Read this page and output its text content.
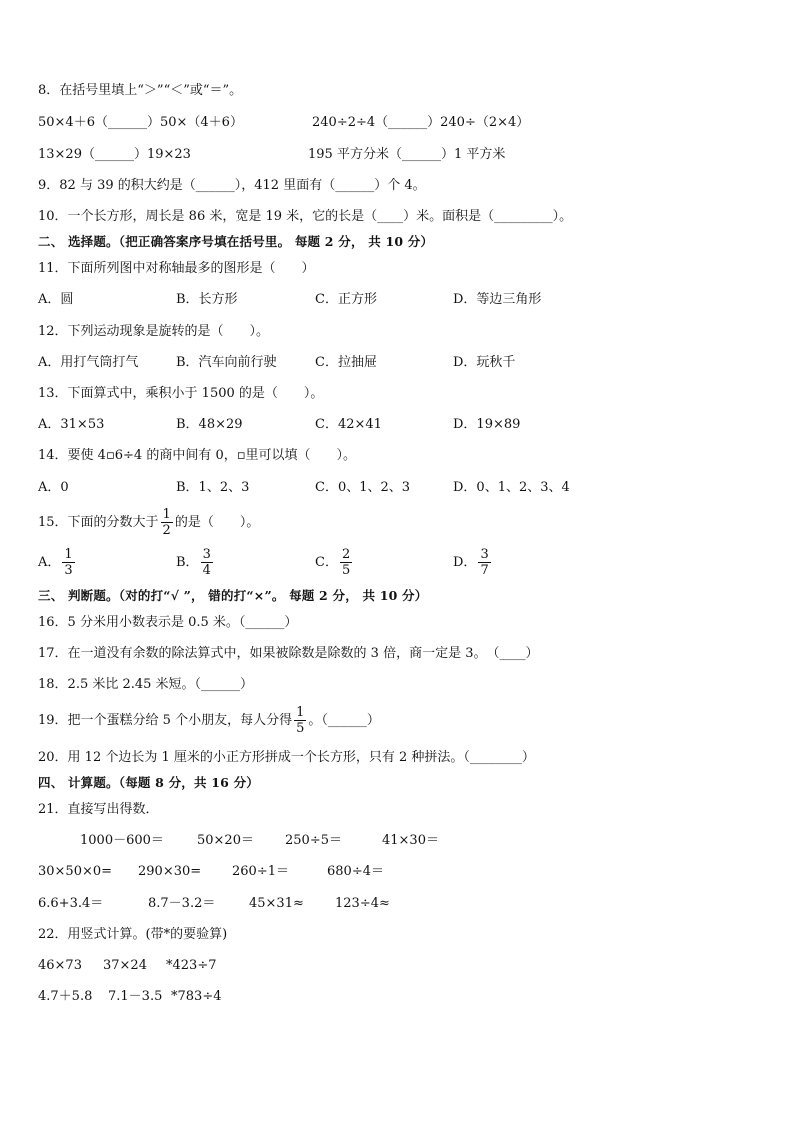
8．在括号里填上“＞”“＜”或“＝”。
50×4＋6（______）50×（4＋6）	240÷2÷4（______）240÷（2×4）
13×29（______）19×23	195 平方分米（______）1 平方米
9．82 与 39 的积大约是（______），412 里面有（______）个 4。
10．一个长方形，周长是 86 米，宽是 19 米，它的长是（____）米。面积是（_________）。
二、 选择题。（把正确答案序号填在括号里。 每题 2 分， 共 10 分）
11．下面所列图中对称轴最多的图形是（　　）
A．圆	B．长方形	C．正方形	D．等边三角形
12．下列运动现象是旋转的是（　　）。
A．用打气筒打气	B．汽车向前行驶	C．拉抽屉	D．玩秋千
13．下面算式中，乘积小于 1500 的是（　　）。
A．31×53	B．48×29	C．42×41	D．19×89
14．要使 4▫6÷4 的商中间有 0，▫里可以填（　　）。
A．0	B．1、2、3	C．0、1、2、3	D．0、1、2、3、4
15．下面的分数大于 $\frac{1}{2}$ 的是（　　）。
A． $\frac{1}{3}$	B． $\frac{3}{4}$	C． $\frac{2}{5}$	D． $\frac{3}{7}$
三、 判断题。（对的打“√ ”， 错的打“×”。 每题 2 分， 共 10 分）
16．5 分米用小数表示是 0.5 米。（______）
17．在一道没有余数的除法算式中，如果被除数是除数的 3 倍，商一定是 3。　（____）
18．2.5 米比 2.45 米短。（______）
19．把一个蛋糕分给 5 个小朋友，每人分得 $\frac{1}{5}$ 。（______）
20．用 12 个边长为 1 厘米的小正方形拼成一个长方形，只有 2 种拼法。（________）
四、 计算题。（每题 8 分，共 16 分）
21．直接写出得数．
1000－600＝	50×20＝ 250÷5＝	41×30＝
30×50×0= 290×30= 260÷1＝	680÷4＝
6.6+3.4＝	8.7－3.2＝	45×31≈ 123÷4≈
22．用竖式计算。(带*的要验算)
46×73 37×24 *423÷7
4.7＋5.8 7.1－3.5 *783÷4
